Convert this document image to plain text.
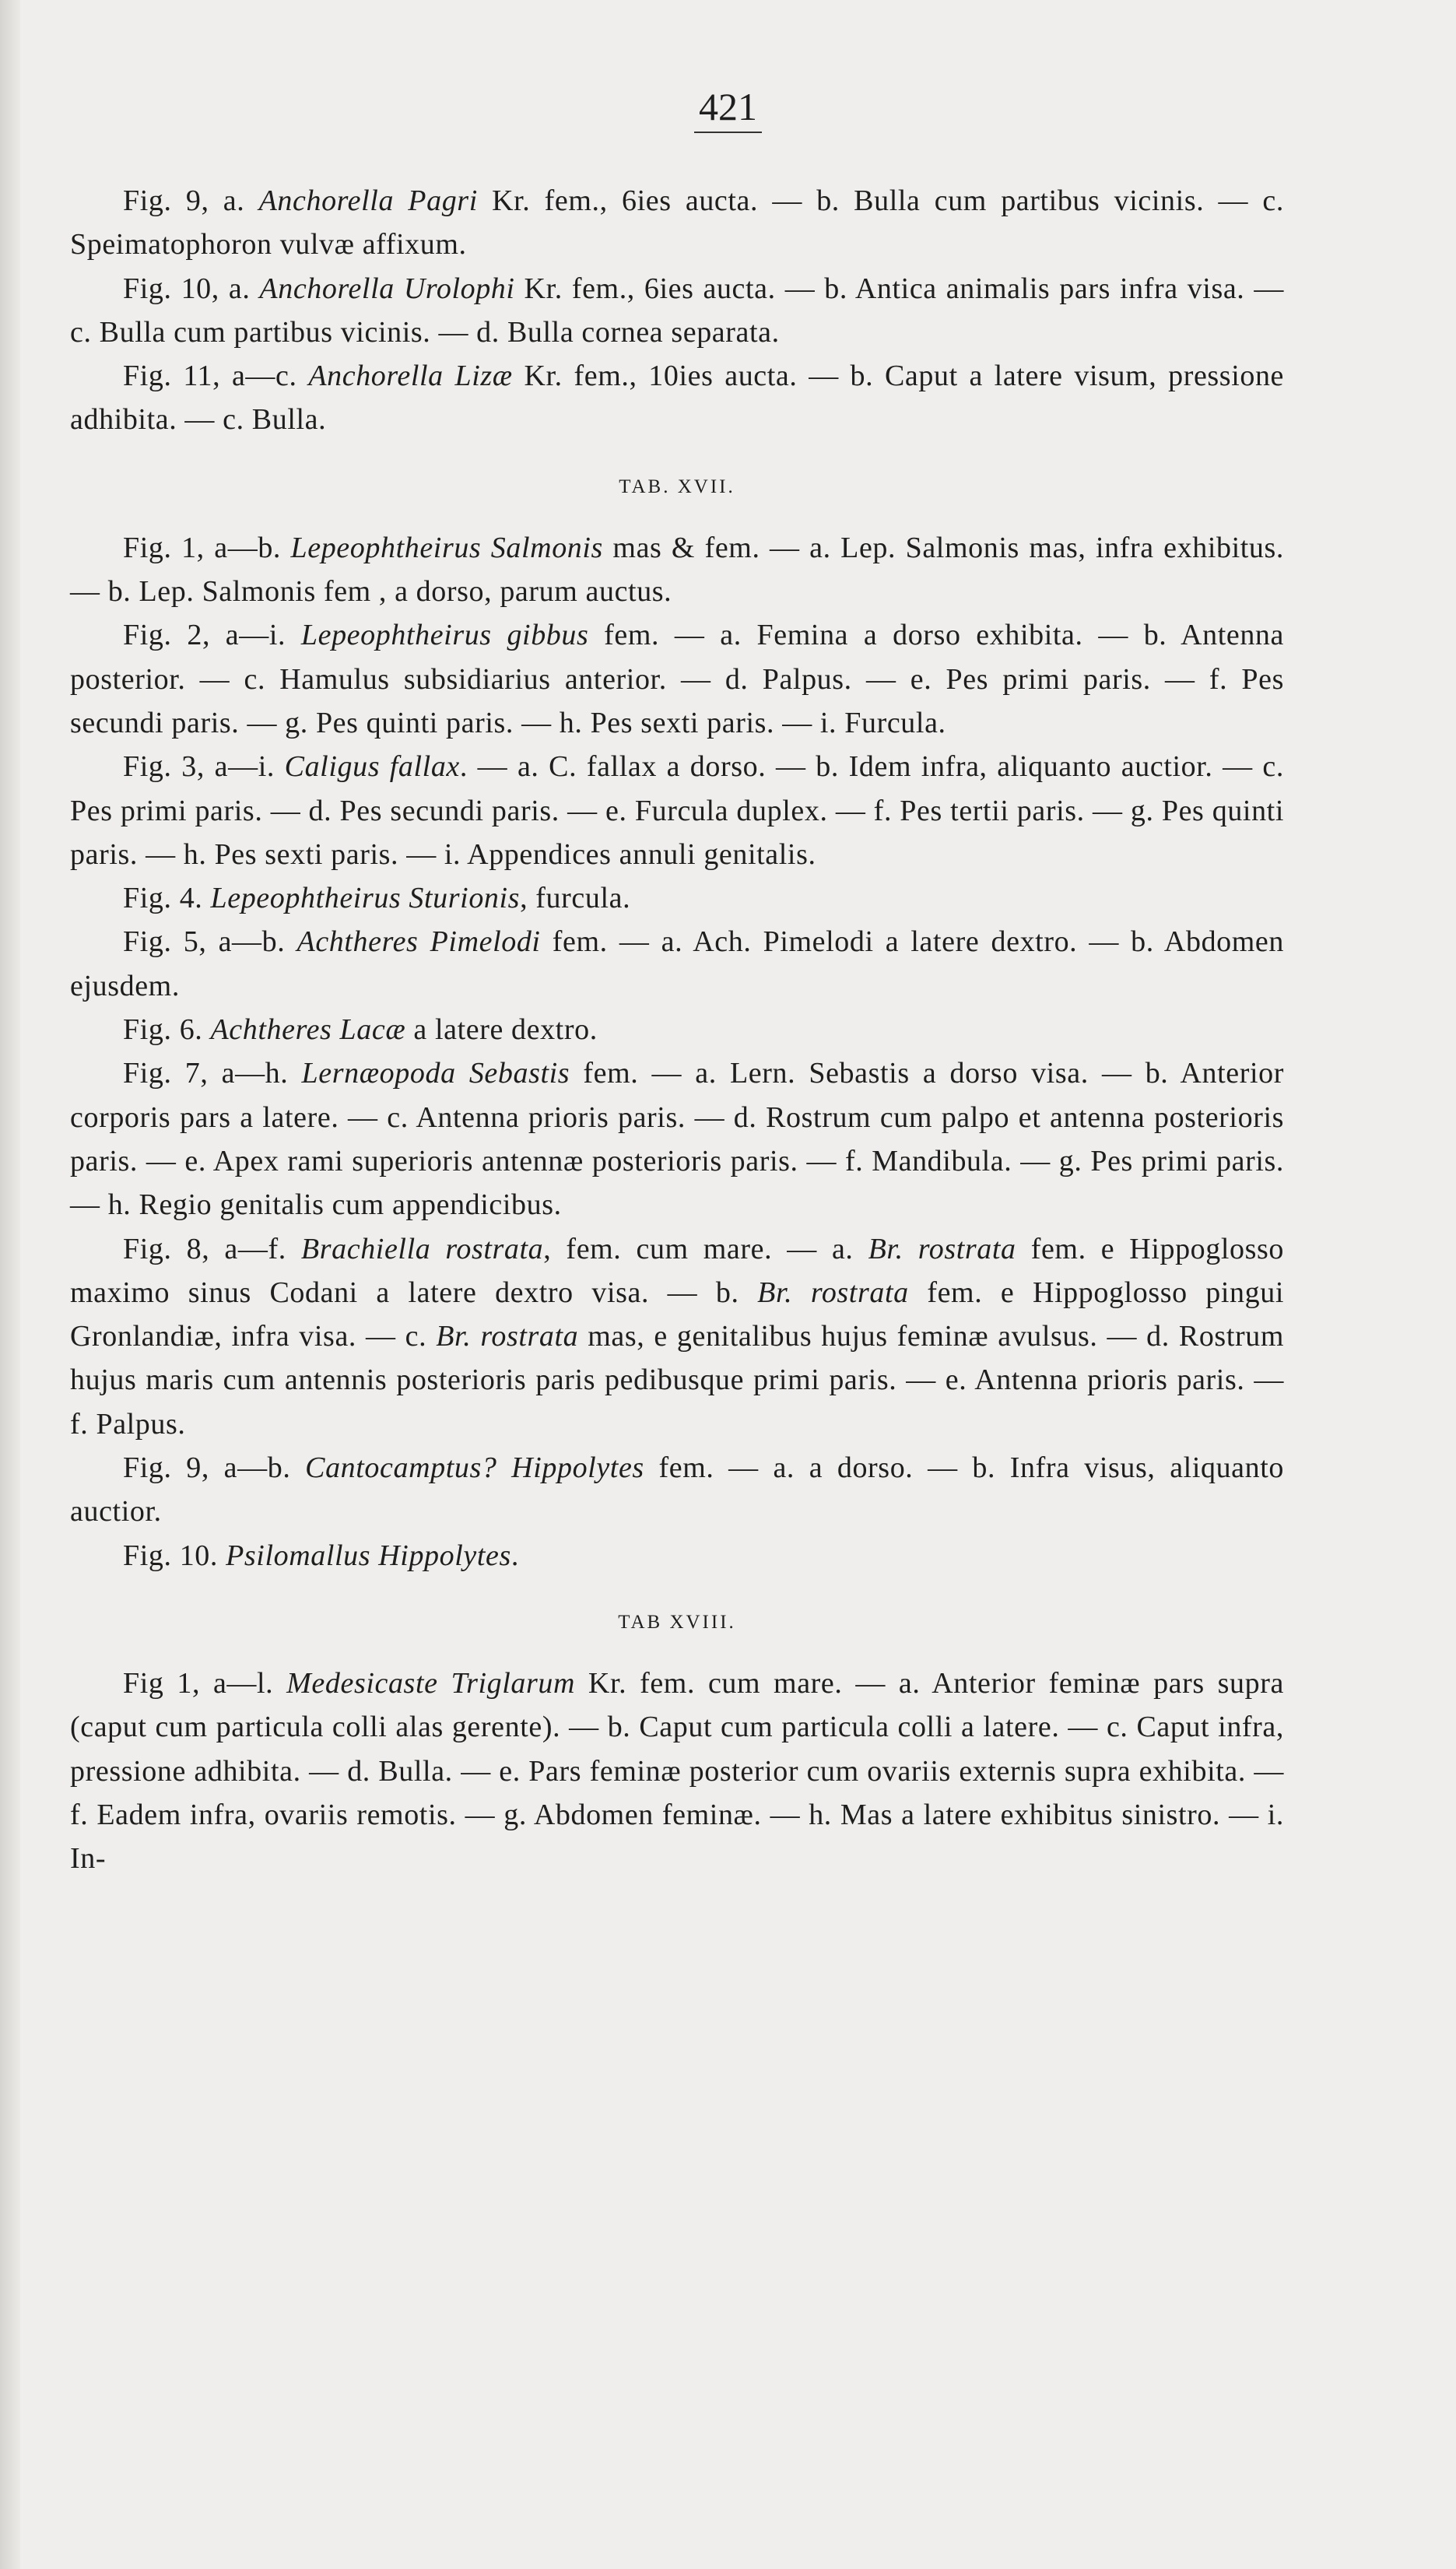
421

Fig. 9, a. Anchorella Pagri Kr. fem., 6ies aucta. — b. Bulla cum partibus vicinis. — c. Speimatophoron vulvæ affixum.

Fig. 10, a. Anchorella Urolophi Kr. fem., 6ies aucta. — b. Antica animalis pars infra visa. — c. Bulla cum partibus vicinis. — d. Bulla cornea separata.

Fig. 11, a—c. Anchorella Lizæ Kr. fem., 10ies aucta. — b. Caput a latere visum, pressione adhibita. — c. Bulla.

TAB. XVII.

Fig. 1, a—b. Lepeophtheirus Salmonis mas & fem. — a. Lep. Salmonis mas, infra exhibitus. — b. Lep. Salmonis fem , a dorso, parum auctus.

Fig. 2, a—i. Lepeophtheirus gibbus fem. — a. Femina a dorso exhibita. — b. Antenna posterior. — c. Hamulus subsidiarius anterior. — d. Palpus. — e. Pes primi paris. — f. Pes secundi paris. — g. Pes quinti paris. — h. Pes sexti paris. — i. Furcula.

Fig. 3, a—i. Caligus fallax. — a. C. fallax a dorso. — b. Idem infra, aliquanto auctior. — c. Pes primi paris. — d. Pes secundi paris. — e. Furcula duplex. — f. Pes tertii paris. — g. Pes quinti paris. — h. Pes sexti paris. — i. Appendices annuli genitalis.

Fig. 4. Lepeophtheirus Sturionis, furcula.

Fig. 5, a—b. Achtheres Pimelodi fem. — a. Ach. Pimelodi a latere dextro. — b. Abdomen ejusdem.

Fig. 6. Achtheres Lacæ a latere dextro.

Fig. 7, a—h. Lernæopoda Sebastis fem. — a. Lern. Sebastis a dorso visa. — b. Anterior corporis pars a latere. — c. Antenna prioris paris. — d. Rostrum cum palpo et antenna posterioris paris. — e. Apex rami superioris antennæ posterioris paris. — f. Mandibula. — g. Pes primi paris. — h. Regio genitalis cum appendicibus.

Fig. 8, a—f. Brachiella rostrata, fem. cum mare. — a. Br. rostrata fem. e Hippoglosso maximo sinus Codani a latere dextro visa. — b. Br. rostrata fem. e Hippoglosso pingui Gronlandiæ, infra visa. — c. Br. rostrata mas, e genitalibus hujus feminæ avulsus. — d. Rostrum hujus maris cum antennis posterioris paris pedibusque primi paris. — e. Antenna prioris paris. — f. Palpus.

Fig. 9, a—b. Cantocamptus? Hippolytes fem. — a. a dorso. — b. Infra visus, aliquanto auctior.

Fig. 10. Psilomallus Hippolytes.

TAB XVIII.

Fig 1, a—l. Medesicaste Triglarum Kr. fem. cum mare. — a. Anterior feminæ pars supra (caput cum particula colli alas gerente). — b. Caput cum particula colli a latere. — c. Caput infra, pressione adhibita. — d. Bulla. — e. Pars feminæ posterior cum ovariis externis supra exhibita. — f. Eadem infra, ovariis remotis. — g. Abdomen feminæ. — h. Mas a latere exhibitus sinistro. — i. In-
